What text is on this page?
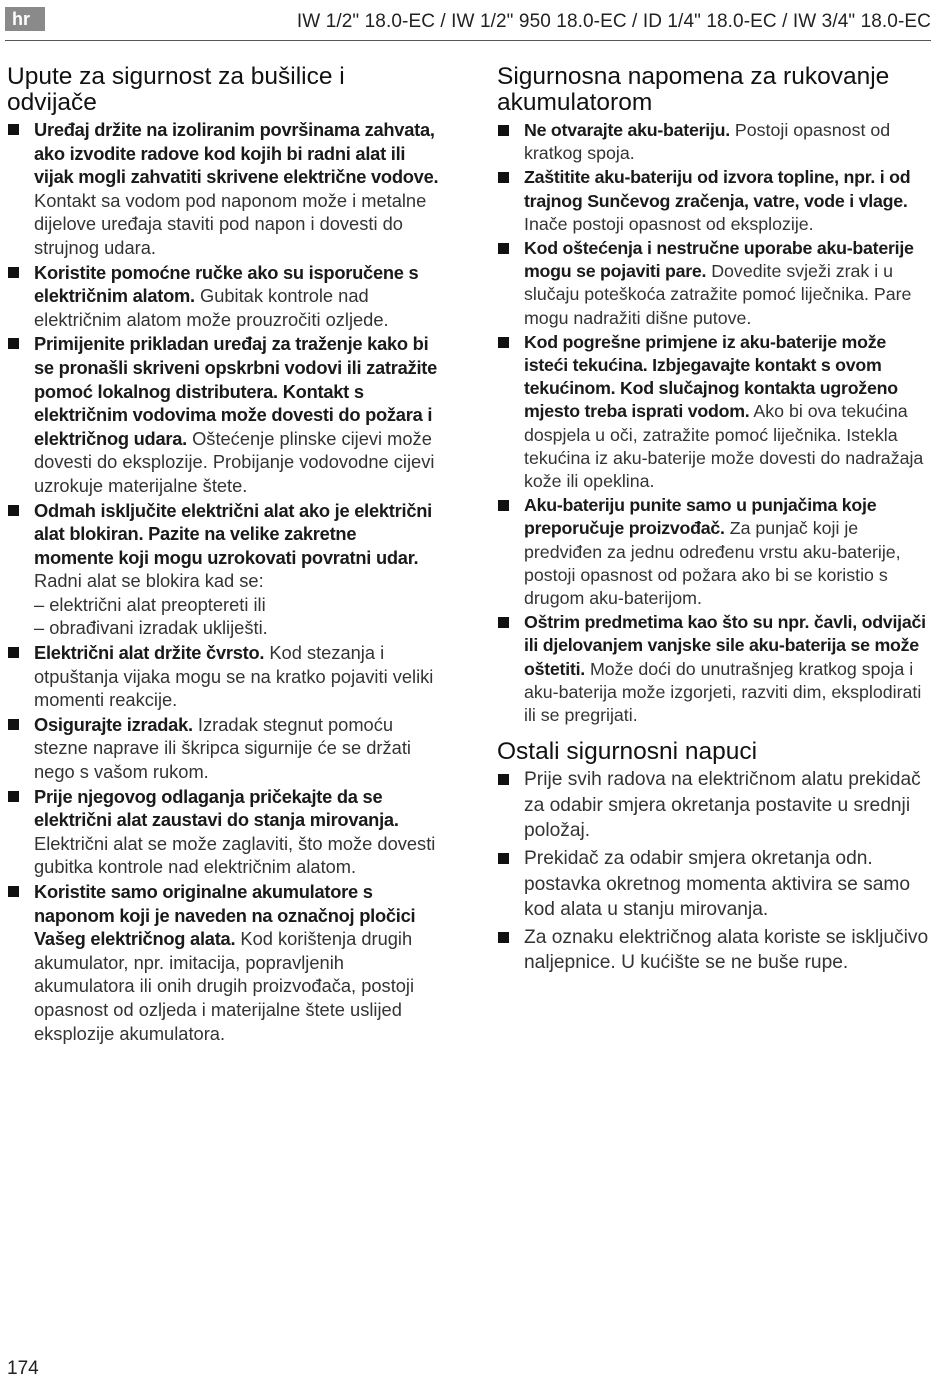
hr	IW 1/2" 18.0-EC / IW 1/2" 950 18.0-EC / ID 1/4" 18.0-EC / IW 3/4" 18.0-EC
Upute za sigurnost za bušilice i odvijače
Uređaj držite na izoliranim površinama zahvata, ako izvodite radove kod kojih bi radni alat ili vijak mogli zahvatiti skrivene električne vodove. Kontakt sa vodom pod naponom može i metalne dijelove uređaja staviti pod napon i dovesti do strujnog udara.
Koristite pomoćne ručke ako su isporučene s električnim alatom. Gubitak kontrole nad električnim alatom može prouzročiti ozljede.
Primijenite prikladan uređaj za traženje kako bi se pronašli skriveni opskrbni vodovi ili zatražite pomoć lokalnog distributera. Kontakt s električnim vodovima može dovesti do požara i električnog udara. Oštećenje plinske cijevi može dovesti do eksplozije. Probijanje vodovodne cijevi uzrokuje materijalne štete.
Odmah isključite električni alat ako je električni alat blokiran. Pazite na velike zakretne momente koji mogu uzrokovati povratni udar.
Radni alat se blokira kad se:
– električni alat preoptereti ili
– obrađivani izradak ukliješti.
Električni alat držite čvrsto. Kod stezanja i otpuštanja vijaka mogu se na kratko pojaviti veliki momenti reakcije.
Osigurajte izradak. Izradak stegnut pomoću stezne naprave ili škripca sigurnije će se držati nego s vašom rukom.
Prije njegovog odlaganja pričekajte da se električni alat zaustavi do stanja mirovanja. Električni alat se može zaglaviti, što može dovesti gubitka kontrole nad električnim alatom.
Koristite samo originalne akumulatore s naponom koji je naveden na označnoj pločici Vašeg električnog alata. Kod korištenja drugih akumulator, npr. imitacija, popravljenih akumulatora ili onih drugih proizvođača, postoji opasnost od ozljeda i materijalne štete uslijed eksplozije akumulatora.
Sigurnosna napomena za rukovanje akumulatorom
Ne otvarajte aku-bateriju. Postoji opasnost od kratkog spoja.
Zaštitite aku-bateriju od izvora topline, npr. i od trajnog Sunčevog zračenja, vatre, vode i vlage. Inače postoji opasnost od eksplozije.
Kod oštećenja i nestručne uporabe aku-baterije mogu se pojaviti pare. Dovedite svježi zrak i u slučaju poteškoća zatražite pomoć liječnika. Pare mogu nadražiti dišne putove.
Kod pogrešne primjene iz aku-baterije može isteći tekućina. Izbjegavajte kontakt s ovom tekućinom. Kod slučajnog kontakta ugroženo mjesto treba isprati vodom. Ako bi ova tekućina dospjela u oči, zatražite pomoć liječnika. Istekla tekućina iz aku-baterije može dovesti do nadražaja kože ili opeklina.
Aku-bateriju punite samo u punjačima koje preporučuje proizvođač. Za punjač koji je predviđen za jednu određenu vrstu aku-baterije, postoji opasnost od požara ako bi se koristio s drugom aku-baterijom.
Oštrim predmetima kao što su npr. čavli, odvijači ili djelovanjem vanjske sile aku-baterija se može oštetiti. Može doći do unutrašnjeg kratkog spoja i aku-baterija može izgorjeti, razviti dim, eksplodirati ili se pregrijati.
Ostali sigurnosni napuci
Prije svih radova na električnom alatu prekidač za odabir smjera okretanja postavite u srednji položaj.
Prekidač za odabir smjera okretanja odn. postavka okretnog momenta aktivira se samo kod alata u stanju mirovanja.
Za oznaku električnog alata koriste se isključivo naljepnice. U kućište se ne buše rupe.
174
